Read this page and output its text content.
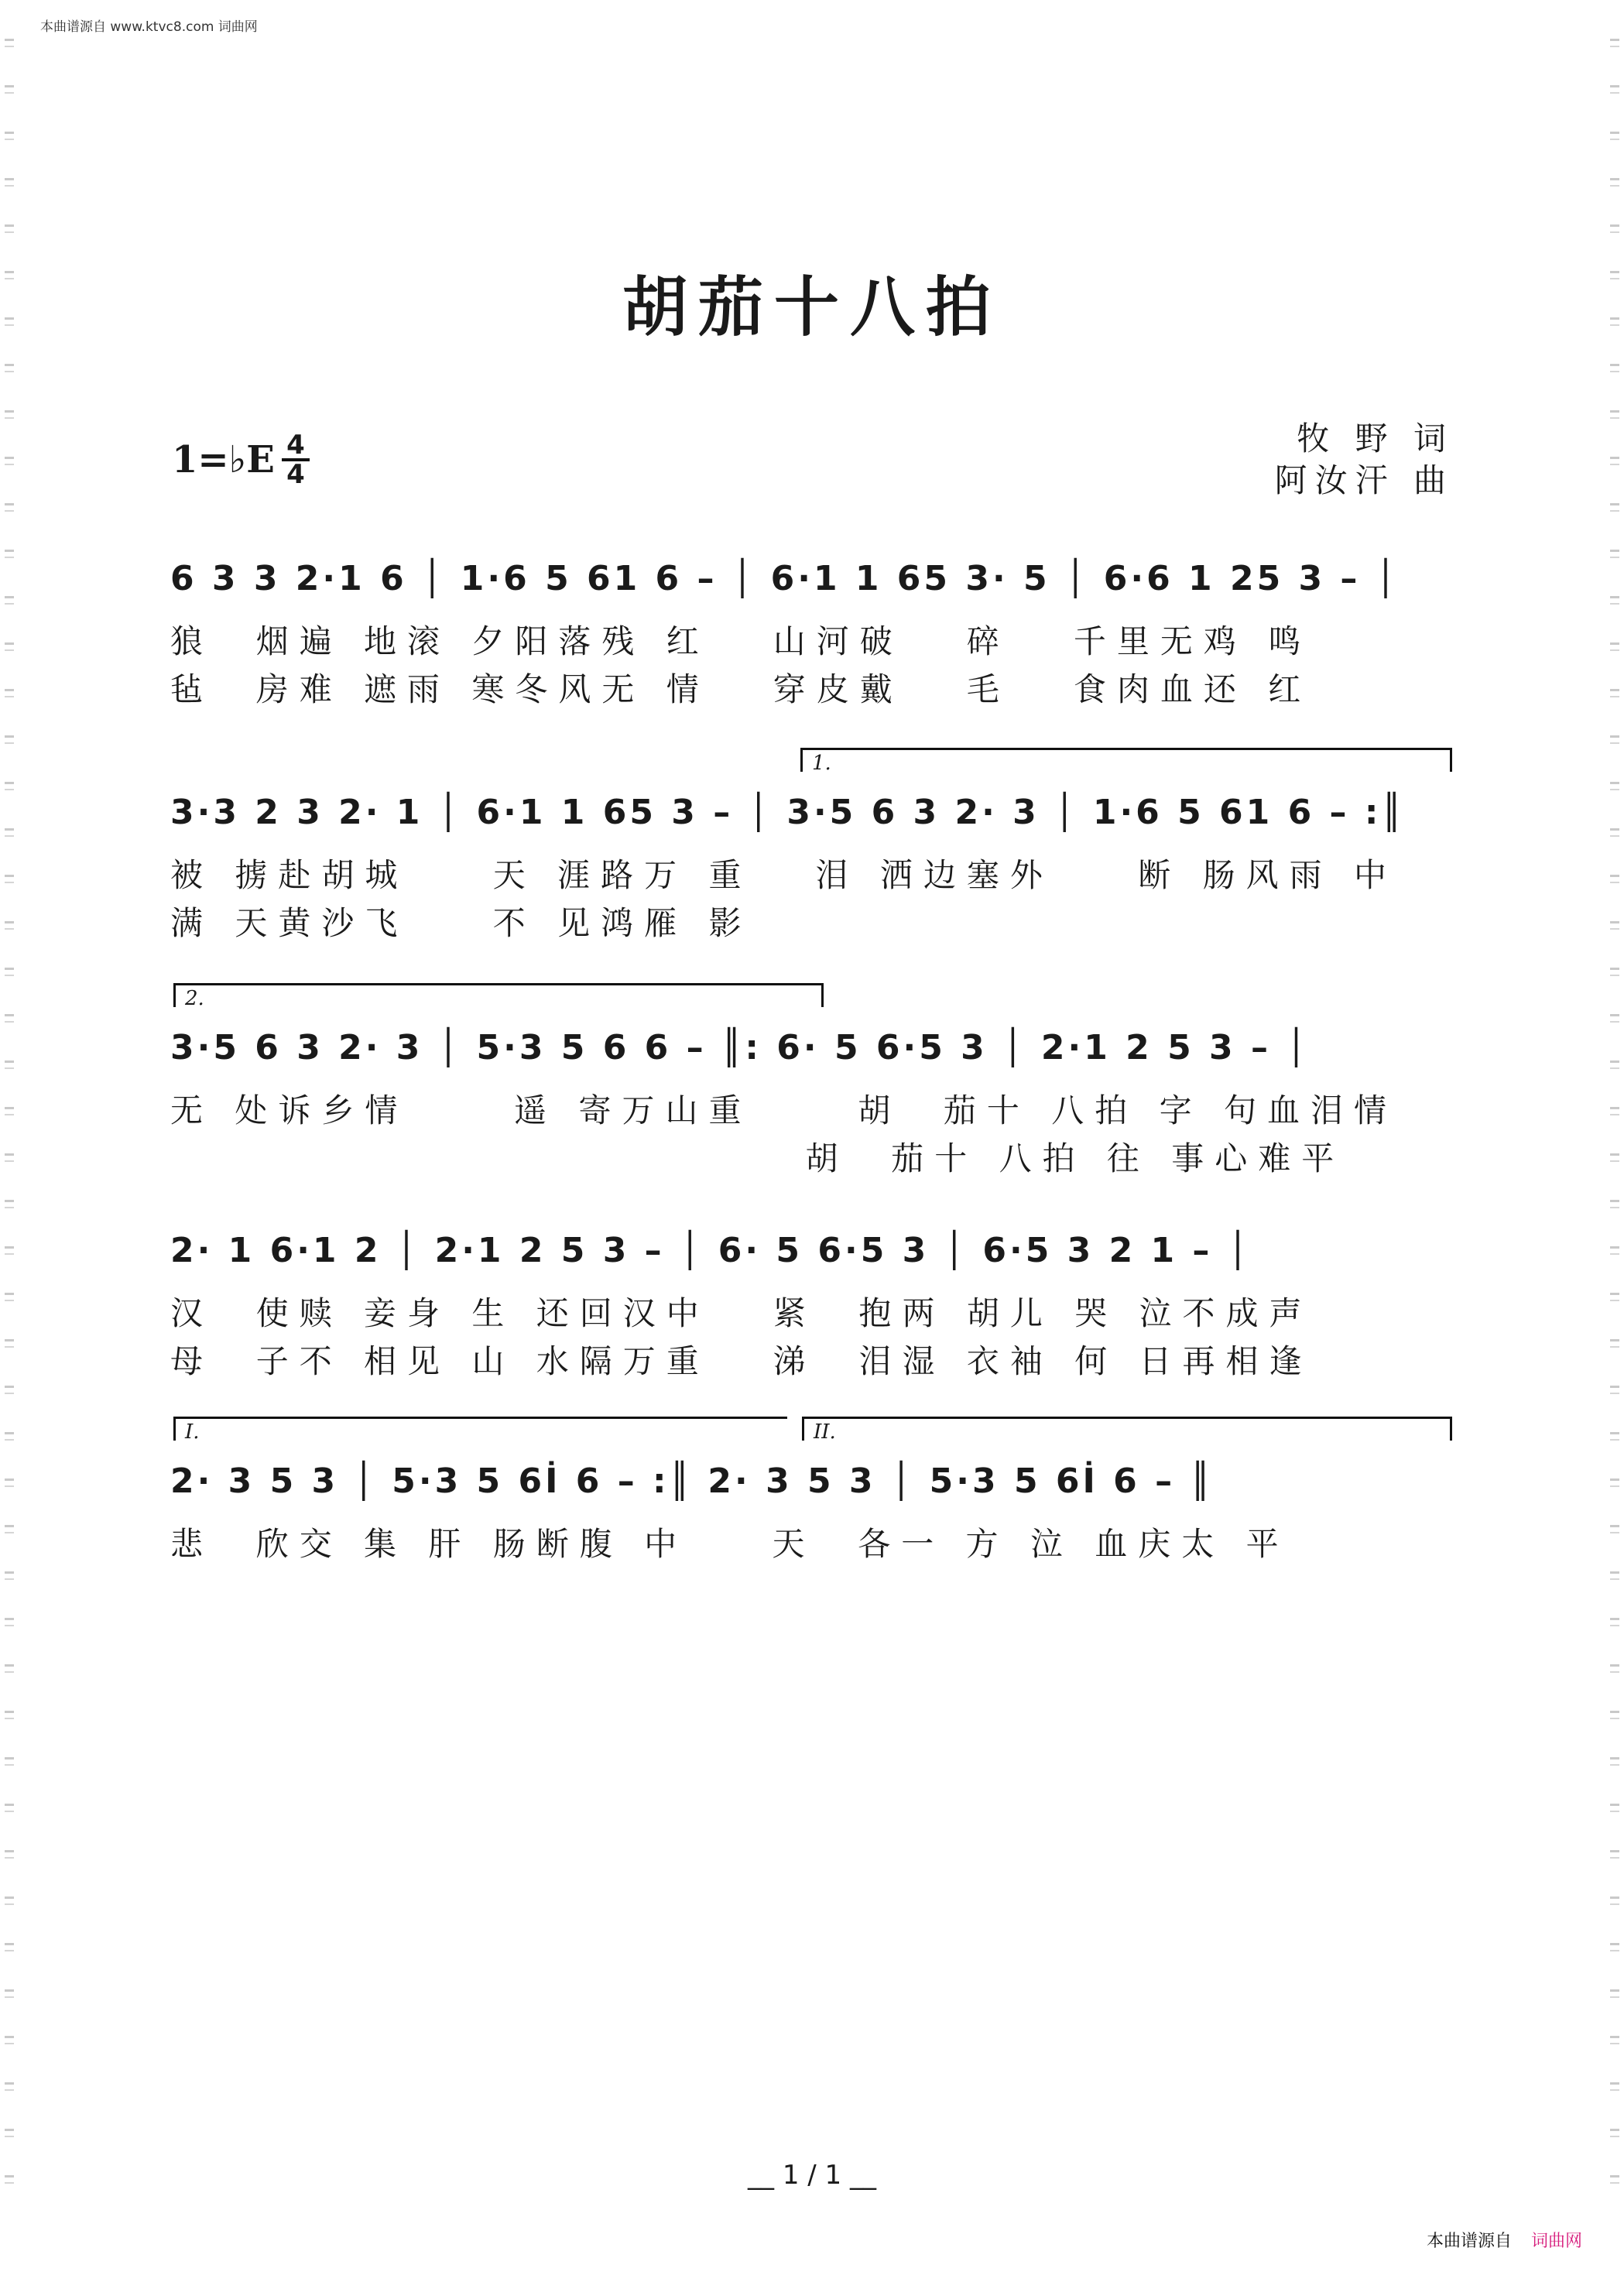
本曲谱源自 www.ktvc8.com 词曲网
胡茄十八拍
牧 野 词
阿汝汗 曲
1=♭E 4
4
6 3 3 2·1 6 │ 1·6 5 61 6 – │ 6·1 1 65 3· 5 │ 6·6 1 25 3 – │
狼  烟遍 地滚 夕阳落残 红   山河破   碎   千里无鸡 鸣
毡  房难 遮雨 寒冬风无 情   穿皮戴   毛   食肉血还 红
1.
3·3 2 3 2· 1 │ 6·1 1 65 3 – │ 3·5 6 3 2· 3 │ 1·6 5 61 6 – :║
被 掳赴胡城    天 涯路万 重   泪 洒边塞外    断 肠风雨 中
满 天黄沙飞    不 见鸿雁 影
2.
3·5 6 3 2· 3 │ 5·3 5 6 6 – ║: 6· 5 6·5 3 │ 2·1 2 5 3 – │
无 处诉乡情     遥 寄万山重     胡  茄十 八拍 字 句血泪情
胡  茄十 八拍 往 事心难平
2· 1 6·1 2 │ 2·1 2 5 3 – │ 6· 5 6·5 3 │ 6·5 3 2 1 – │
汉  使赎 妾身 生 还回汉中   紧  抱两 胡儿 哭 泣不成声
母  子不 相见 山 水隔万重   涕  泪湿 衣袖 何 日再相逢
I.	II.
2· 3 5 3 │ 5·3 5 6İ 6 – :║ 2· 3 5 3 │ 5·3 5 6İ 6 – ║
悲  欣交 集 肝 肠断腹 中    天  各一 方 泣 血庆太 平
__ 1 / 1 __
本曲谱源自 词曲网
